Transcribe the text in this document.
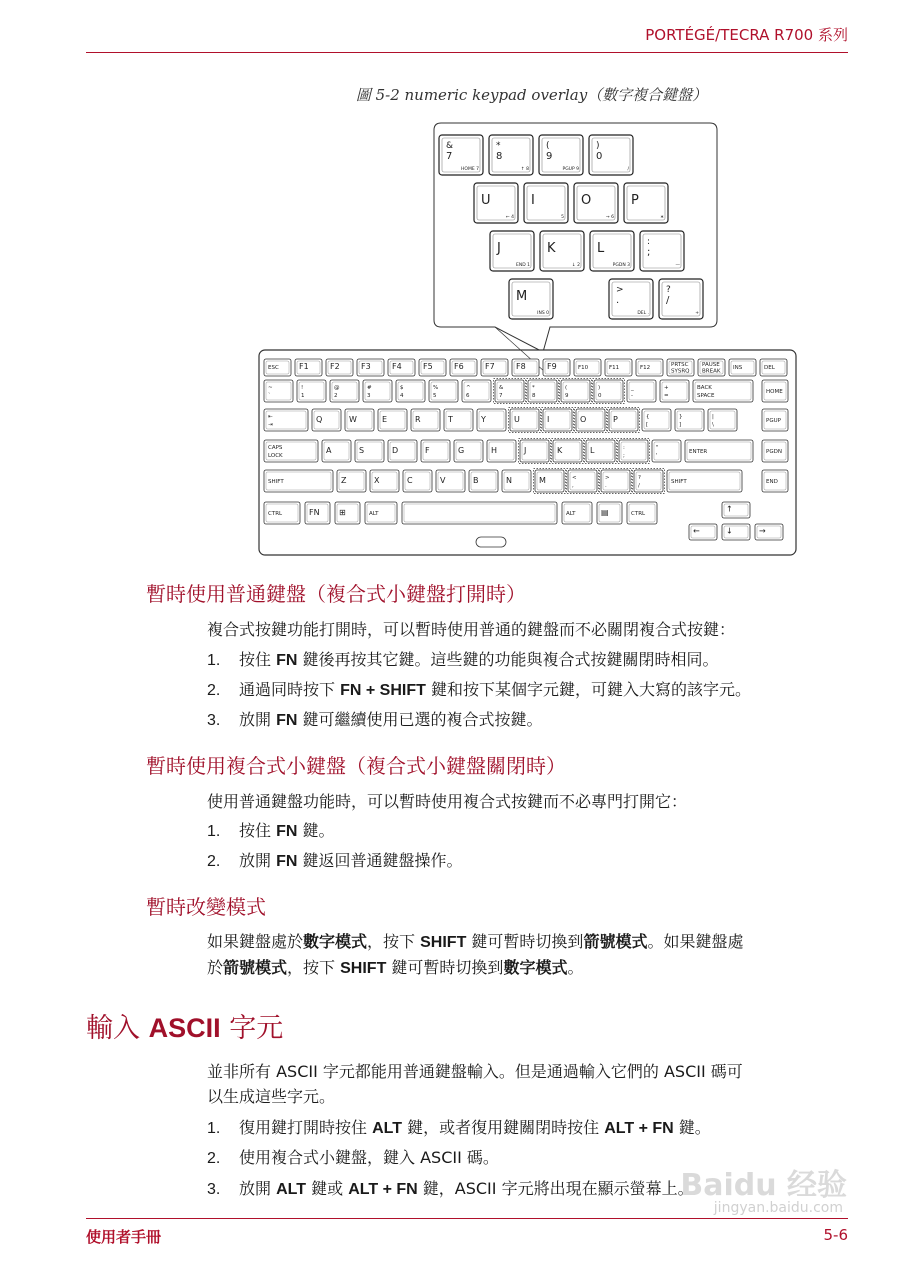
PORTÉGÉ/TECRA R700 系列
圖 5-2 numeric keypad overlay（數字複合鍵盤）
&
7
HOME 7
*
8
↑ 8
(
9
PGUP 9
)
0
/
U
← 4
I
5
O
→ 6
P
∗
J
END 1
K
↓ 2
L
PGDN 3
:
;
—
M
INS 0
>
.
DEL .
?
/
+
ESC	F1	F2	F3	F4	F5	F6	F7	F8	F9	F10	F11	F12
PRTSC
SYSRQ
PAUSE
BREAK
INS	DEL
~
`
!
1
@
2
#
3
$
4
%
5
^
6
&
7
*
8
(
9
)
0
_
-
+
=
BACK
SPACE
HOME
⇤
⇥
Q	W	E	R	T	Y	U	I	O	P	{
[
}
]
|
\
PGUP
CAPS
LOCK
A	S	D	F	G	H	J	K	L	:
;
"
'
ENTER	PGDN
SHIFT	Z	X	C	V	B	N	M	<
,
>
.
?
/
SHIFT	END
CTRL	FN ⊞	ALT	ALT	▤	CTRL
↑
←	↓	→
暫時使用普通鍵盤（複合式小鍵盤打開時）
複合式按鍵功能打開時，可以暫時使用普通的鍵盤而不必關閉複合式按鍵：
1. 按住 FN 鍵後再按其它鍵。這些鍵的功能與複合式按鍵關閉時相同。
2. 通過同時按下 FN + SHIFT 鍵和按下某個字元鍵，可鍵入大寫的該字元。
3. 放開 FN 鍵可繼續使用已選的複合式按鍵。
暫時使用複合式小鍵盤（複合式小鍵盤關閉時）
使用普通鍵盤功能時，可以暫時使用複合式按鍵而不必專門打開它：
1. 按住 FN 鍵。
2. 放開 FN 鍵返回普通鍵盤操作。
暫時改變模式
如果鍵盤處於數字模式，按下 SHIFT 鍵可暫時切換到箭號模式。如果鍵盤處
於箭號模式，按下 SHIFT 鍵可暫時切換到數字模式。
輸入 ASCII 字元
並非所有 ASCII 字元都能用普通鍵盤輸入。但是通過輸入它們的 ASCII 碼可
以生成這些字元。
1. 復用鍵打開時按住 ALT 鍵，或者復用鍵關閉時按住 ALT + FN 鍵。
2. 使用複合式小鍵盤，鍵入 ASCII 碼。
3. 放開 ALT 鍵或 ALT + FN 鍵，ASCII 字元將出現在顯示螢幕上。
Baidu 经验
jingyan.baidu.com
使用者手冊	5-6
